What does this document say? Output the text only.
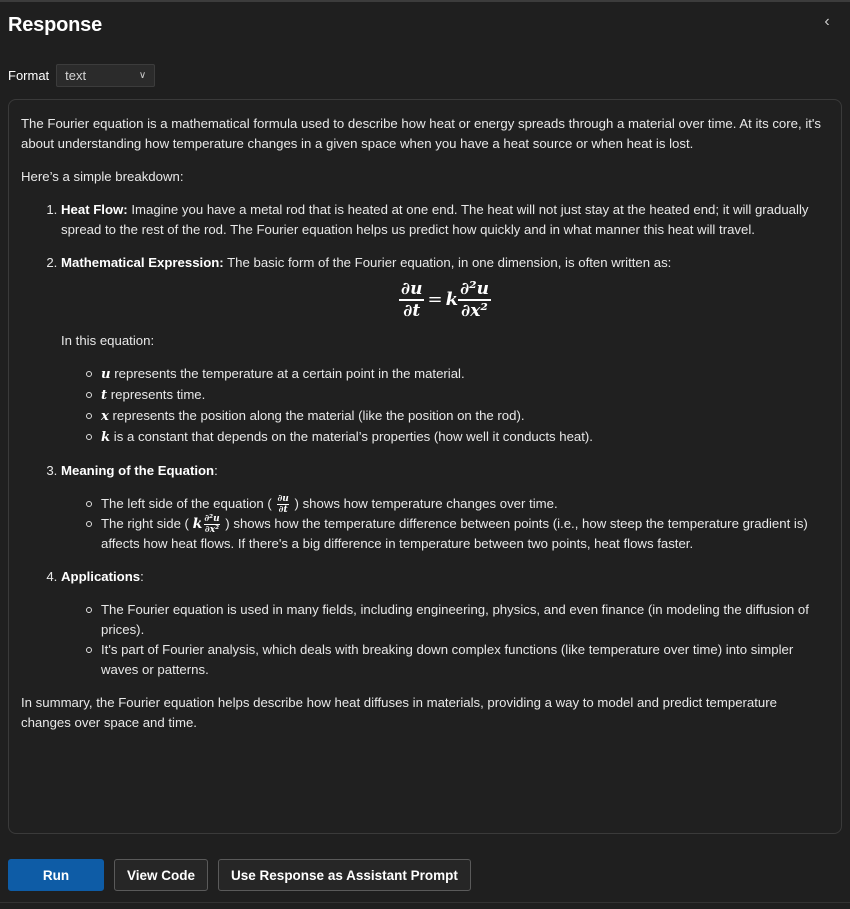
Response	‹
Format text	∨

The Fourier equation is a mathematical formula used to describe how heat or energy spreads through a material over time. At its core, it's about understanding how temperature changes in a given space when you have a heat source or when heat is lost.

Here’s a simple breakdown:

1. Heat Flow: Imagine you have a metal rod that is heated at one end. The heat will not just stay at the heated end; it will gradually spread to the rest of the rod. The Fourier equation helps us predict how quickly and in what manner this heat will travel.
2. Mathematical Expression: The basic form of the Fourier equation, in one dimension, is often written as:
$\frac{\partial u}{\partial t} = k \frac{\text{∂²u}}{\text{∂x²}}$
In this equation:
u represents the temperature at a certain point in the material.
t represents time.
x represents the position along the material (like the position on the rod).
k is a constant that depends on the material’s properties (how well it conducts heat).
3. Meaning of the Equation:
The left side of the equation ( $\frac{\partial u}{\partial t}$ ) shows how temperature changes over time.
The right side ( k $\frac{\text{∂²u}}{\text{∂x²}}$ ) shows how the temperature difference between points (i.e., how steep the temperature gradient is) affects how heat flows. If there's a big difference in temperature between two points, heat flows faster.
4. Applications:
The Fourier equation is used in many fields, including engineering, physics, and even finance (in modeling the diffusion of prices).
It's part of Fourier analysis, which deals with breaking down complex functions (like temperature over time) into simpler waves or patterns.

In summary, the Fourier equation helps describe how heat diffuses in materials, providing a way to model and predict temperature changes over space and time.

Run	View Code	Use Response as Assistant Prompt
